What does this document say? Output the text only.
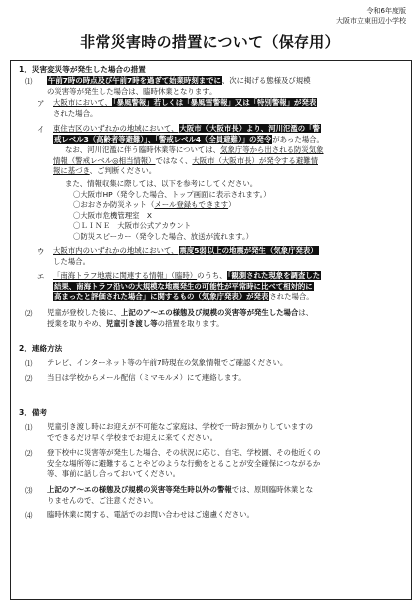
令和6年度版
大阪市立東田辺小学校
非常災害時の措置について（保存用）
1．災害変災等が発生した場合の措置
⑴ 午前7時の時点及び午前7時を過ぎて始業時刻までに、次に掲げる態様及び規模
の災害等が発生した場合は、臨時休業となります。
ア 大阪市において、「暴風警報」若しくは「暴風雪警報」又は「特別警報」が発表
された場合。
イ 東住吉区のいずれかの地域において、大阪市（大阪市長）より、河川氾濫の「警
戒レベル3（高齢者等避難）」、「警戒レベル4（全員避難）」の発令があった場合。
なお、河川氾濫に伴う臨時休業等については、気象庁等から出される防災気象
情報（警戒レベル◎相当情報）ではなく、大阪市（大阪市長）が発令する避難情
報に基づき、ご判断ください。
また、情報収集に際しては、以下を参考にしてください。
〇大阪市HP（発令した場合、トップ画面に表示されます。）
〇おおさか防災ネット（メール登録もできます）
〇大阪市危機管理室　X
〇ＬＩＮＥ　大阪市公式アカウント
〇防災スピーカー（発令した場合、放送が流れます。）
ウ 大阪市内のいずれかの地域において、震度5弱以上の地震が発生（気象庁発表）
した場合。
エ 「南海トラフ地震に関連する情報」（臨時）のうち、「観測された現象を調査した
結果、南海トラフ沿いの大規模な地震発生の可能性が平常時に比べて相対的に
高まったと評価された場合」に関するもの（気象庁発表）が発表された場合。
⑵ 児童が登校した後に、上記のア〜エの様態及び規模の災害等が発生した場合は、
授業を取りやめ、児童引き渡し等の措置を取ります。
2．連絡方法
⑴ テレビ、インターネット等の午前7時現在の気象情報でご確認ください。
⑵ 当日は学校からメール配信（ミマモルメ）にて連絡します。
3．備考
⑴ 児童引き渡し時にお迎えが不可能なご家庭は、学校で一時お預かりしていますの
でできるだけ早く学校までお迎えに来てください。
⑵ 登下校中に災害等が発生した場合、その状況に応じ、自宅、学校園、その他近くの
安全な場所等に避難することやどのような行動をとることが安全確保につながるか
等、事前に話し合っておいてください。
⑶ 上記のア〜エの様態及び規模の災害等発生時以外の警報では、原則臨時休業とな
りませんので、ご注意ください。
⑷ 臨時休業に関する、電話でのお問い合わせはご遠慮ください。
